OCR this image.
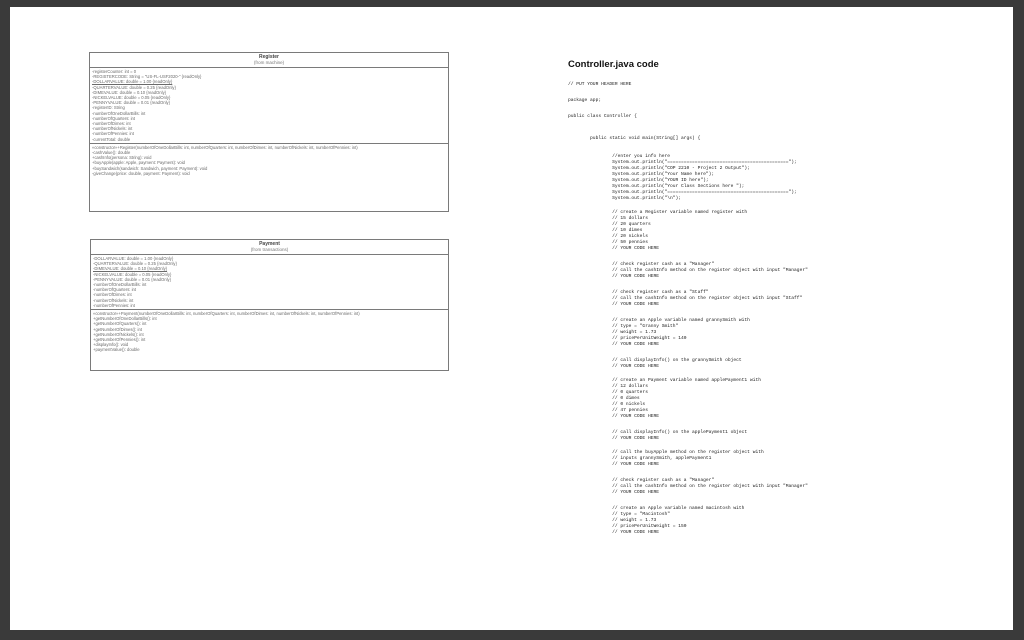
Register
(from machine)
-registerCounter: int = 0
-REGISTERCODE: String = "US-FL-USF2020-" {readOnly}
-DOLLARVALUE: double = 1.00 {readOnly}
-QUARTERVALUE: double = 0.25 {readOnly}
-DIMEVALUE: double = 0.10 {readOnly}
-NICKELVALUE: double = 0.05 {readOnly}
-PENNYVALUE: double = 0.01 {readOnly}
-registerID: String
-numberOfOneDollarBills: int
-numberOfQuarters: int
-numberOfDimes: int
-numberOfNickels: int
-numberOfPennies: int
-currentTotal: double
«constructor»+Register(numberOfOneDollarBills: int, numberOfQuarters: int, numberOfDimes: int, numberOfNickels: int, numberOfPennies: int)
-cashValue(): double
+cashInfo(persona: String): void
+buyApple(apple: Apple, payment: Payment): void
+buySandwich(sandwich: Sandwich, payment: Payment): void
-giveChange(price: double, payment: Payment): void
Payment
(from transactions)
-DOLLARVALUE: double = 1.00 {readOnly}
-QUARTERVALUE: double = 0.25 {readOnly}
-DIMEVALUE: double = 0.10 {readOnly}
-NICKELVALUE: double = 0.05 {readOnly}
-PENNYVALUE: double = 0.01 {readOnly}
-numberOfOneDollarBills: int
-numberOfQuarters: int
-numberOfDimes: int
-numberOfNickels: int
-numberOfPennies: int
«constructor»+Payment(numberOfOneDollarBills: int, numberOfQuarters: int, numberOfDimes: int, numberOfNickels: int, numberOfPennies: int)
+getNumberOfOneDollarBills(): int
+getNumberOfQuarters(): int
+getNumberOfDimes(): int
+getNumberOfNickels(): int
+getNumberOfPennies(): int
+displayInfo(): void
+paymentValue(): double
Controller.java code
// PUT YOUR HEADER HERE
package app;
public class Controller {
public static void main(String[] args) {
//enter you info here
System.out.println("============================================");
System.out.println("COP 2210 - Project 2 Output");
System.out.println("Your Name here");
System.out.println("YOUR ID here");
System.out.println("Your Class Sections here ");
System.out.println("============================================");
System.out.println("\n");
// create a Register variable named register with
// 15 dollars
// 20 quarters
// 10 dimes
// 20 nickels
// 50 pennies
// YOUR CODE HERE
// check register cash as a "Manager"
// call the cashInfo method on the register object with input "Manager"
// YOUR CODE HERE
// check register cash as a "Staff"
// call the cashInfo method on the register object with input "Staff"
// YOUR CODE HERE
// create an Apple variable named grannySmith with
// type = "Granny Smith"
// weight = 1.73
// pricePerUnitWeight = 140
// YOUR CODE HERE
// call displayInfo() on the grannySmith object
// YOUR CODE HERE
// create an Payment variable named applePayment1 with
// 12 dollars
// 0 quarters
// 0 dimes
// 0 nickels
// 47 pennies
// YOUR CODE HERE
// call displayInfo() on the applePayment1 object
// YOUR CODE HERE
// call the buyApple method on the register object with
// inputs grannySmith, applePayment1
// YOUR CODE HERE
// check register cash as a "Manager"
// call the cashInfo method on the register object with input "Manager"
// YOUR CODE HERE
// create an Apple variable named macintosh with
// type = "Macintosh"
// weight = 1.73
// pricePerUnitWeight = 150
// YOUR CODE HERE
